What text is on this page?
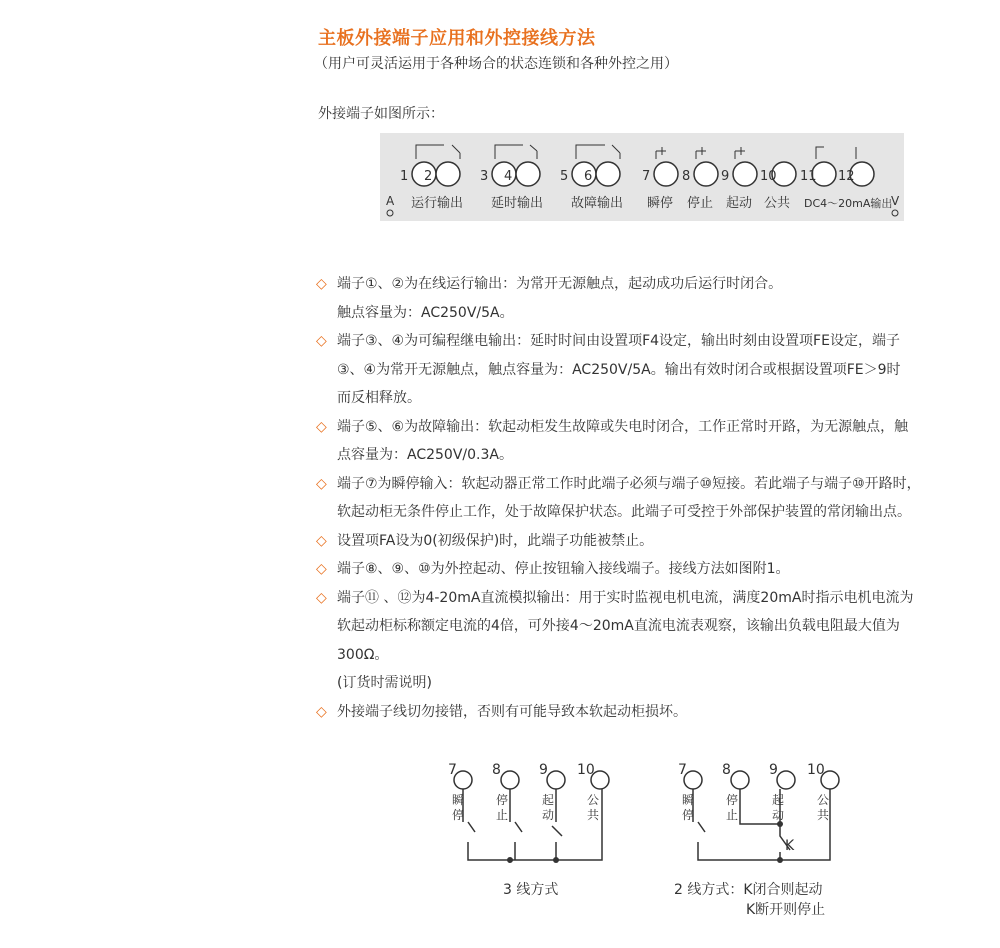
主板外接端子应用和外控接线方法
（用户可灵活运用于各种场合的状态连锁和各种外控之用）
外接端子如图所示：
1 2	3 4	5 6	7 8 9 10 11 12
A	V
运行输出 延时输出 故障输出 瞬停 停止 起动 公共 DC4～20mA输出
◇ 端子①、②为在线运行输出：为常开无源触点，起动成功后运行时闭合。
触点容量为：AC250V/5A。
◇ 端子③、④为可编程继电输出：延时时间由设置项F4设定，输出时刻由设置项FE设定，端子
③、④为常开无源触点，触点容量为：AC250V/5A。输出有效时闭合或根据设置项FE＞9时
而反相释放。
◇ 端子⑤、⑥为故障输出：软起动柜发生故障或失电时闭合，工作正常时开路，为无源触点，触
点容量为：AC250V/0.3A。
◇ 端子⑦为瞬停输入：软起动器正常工作时此端子必须与端子⑩短接。若此端子与端子⑩开路时，
软起动柜无条件停止工作，处于故障保护状态。此端子可受控于外部保护装置的常闭输出点。
◇ 设置项FA设为0(初级保护)时，此端子功能被禁止。
◇ 端子⑧、⑨、⑩为外控起动、停止按钮输入接线端子。接线方法如图附1。
◇ 端子⑪ 、⑫为4-20mA直流模拟输出：用于实时监视电机电流，满度20mA时指示电机电流为
软起动柜标称额定电流的4倍，可外接4～20mA直流电流表观察，该输出负载电阻最大值为
300Ω。
(订货时需说明)
◇ 外接端子线切勿接错，否则有可能导致本软起动柜损坏。
7	8	9 10	7	8	9 10
瞬
停
停
止
起
动
公
共
瞬
停
停
止
起
动
公
共
K
3 线方式	2 线方式：K闭合则起动
K断开则停止
